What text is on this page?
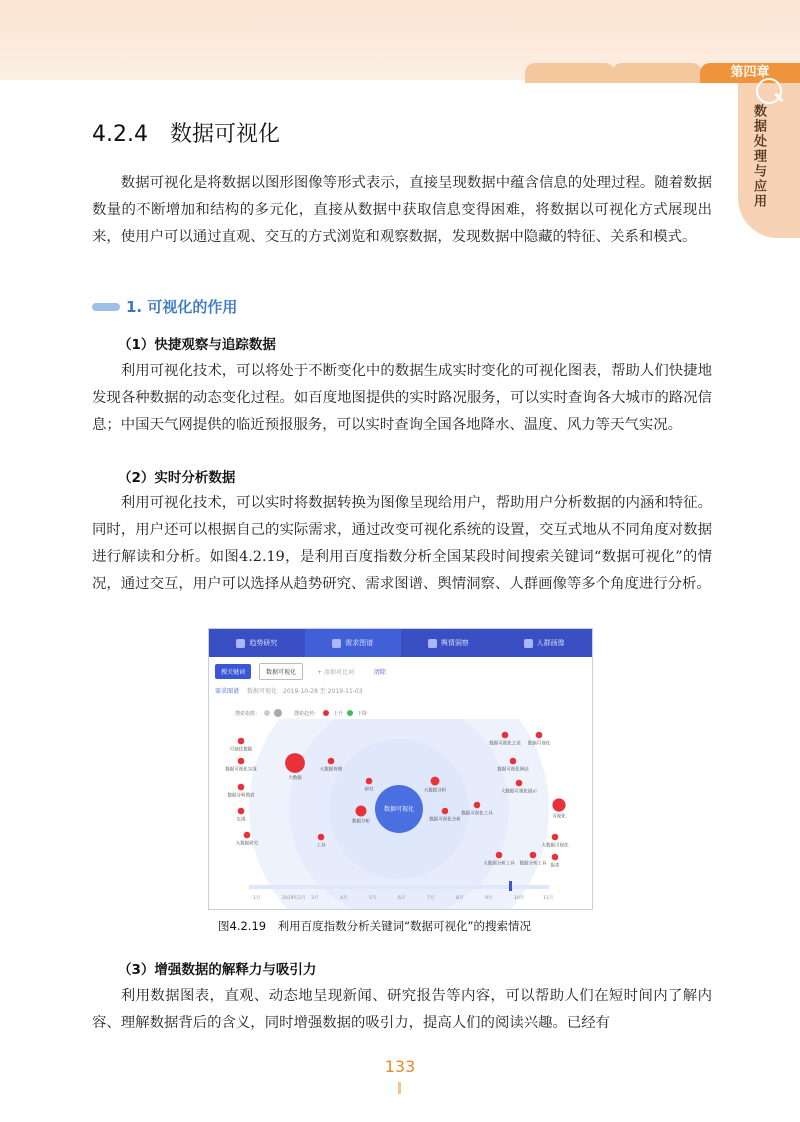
第四章
数据处理与应用
4.2.4　数据可视化

数据可视化是将数据以图形图像等形式表示，直接呈现数据中蕴含信息的处理过程。随着数据数量的不断增加和结构的多元化，直接从数据中获取信息变得困难，将数据以可视化方式展现出来，使用户可以通过直观、交互的方式浏览和观察数据，发现数据中隐藏的特征、关系和模式。

1. 可视化的作用
（1）快捷观察与追踪数据

利用可视化技术，可以将处于不断变化中的数据生成实时变化的可视化图表，帮助人们快捷地发现各种数据的动态变化过程。如百度地图提供的实时路况服务，可以实时查询各大城市的路况信息；中国天气网提供的临近预报服务，可以实时查询全国各地降水、温度、风力等天气实况。

（2）实时分析数据

利用可视化技术，可以实时将数据转换为图像呈现给用户，帮助用户分析数据的内涵和特征。同时，用户还可以根据自己的实际需求，通过改变可视化系统的设置，交互式地从不同角度对数据进行解读和分析。如图4.2.19，是利用百度指数分析全国某段时间搜索关键词“数据可视化”的情况，通过交互，用户可以选择从趋势研究、需求图谱、舆情洞察、人群画像等多个角度进行分析。

趋势研究	需求图谱	舆情洞察	人群画像
搜关键词	数据可视化	+ 添加对比词	清除
需求图谱 数据可视化　2019-10-28 至 2019-11-03
搜索指数：	搜索趋势：	上升	下降
可视化数据
数据可视化实战
数据分析图表
实现
大数据研究
大数据
大数据管理
研究
数据分析
工具
大数据分析
数据可视化分析
数据可视化工具
数据可视化之美 数据可视化
数据可视化网站
大数据可视化展示
可视化
大数据可视化
大数据分析工具 数据分析工具 报表
数据可视化
1月	2019年2月 3月	4月	5月	6月	7月	8月	9月	10月	11月
图4.2.19　利用百度指数分析关键词“数据可视化”的搜索情况
（3）增强数据的解释力与吸引力

利用数据图表，直观、动态地呈现新闻、研究报告等内容，可以帮助人们在短时间内了解内容、理解数据背后的含义，同时增强数据的吸引力，提高人们的阅读兴趣。已经有

133
